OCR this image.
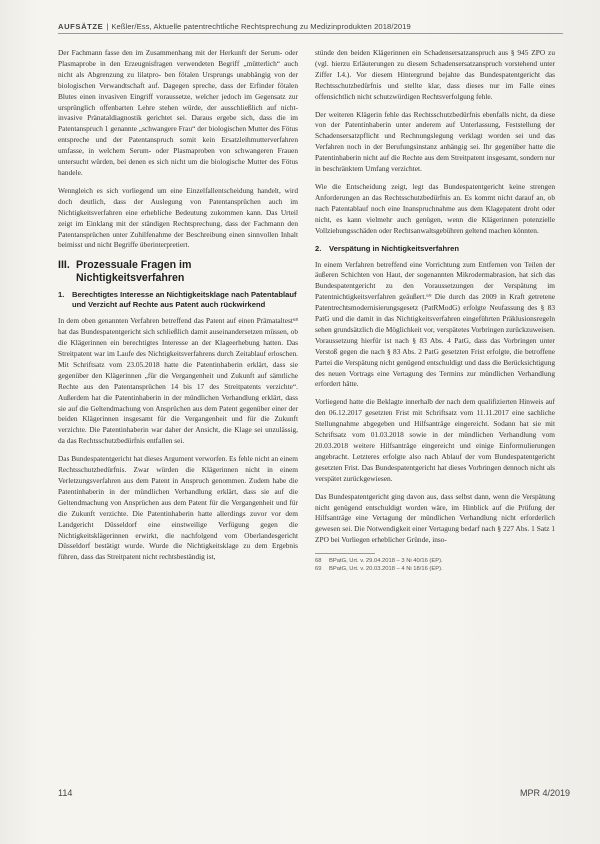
AUFSÄTZE | Keßler/Ess, Aktuelle patentrechtliche Rechtsprechung zu Medizinprodukten 2018/2019

Der Fachmann fasse den im Zusammenhang mit der Herkunft der Serum- oder Plasmaprobe in den Erzeugnisfragen verwendeten Begriff „mütterlich“ auch nicht als Abgrenzung zu lilatpro- ben fötalen Ursprungs unabhängig von der biologischen Verwandtschaft auf. Dagegen spreche, dass der Erfinder fötalen Blutes einen invasiven Eingriff voraussetze, welcher jedoch im Gegensatz zur ursprünglich offenbarten Lehre stehen würde, der ausschließlich auf nicht-invasive Pränataldiagnostik gerichtet sei. Daraus ergebe sich, dass die im Patentanspruch 1 genannte „schwangere Frau“ der biologischen Mutter des Fötus entspreche und der Patentanspruch somit kein Ersatzleihmutterverfahren umfasse, in welchem Serum- oder Plasmaproben von schwangeren Frauen untersucht würden, bei denen es sich nicht um die biologische Mutter des Fötus handele.

Wenngleich es sich vorliegend um eine Einzelfallentscheidung handelt, wird doch deutlich, dass der Auslegung von Patentansprüchen auch im Nichtigkeitsverfahren eine erhebliche Bedeutung zukommen kann. Das Urteil zeigt im Einklang mit der ständigen Rechtsprechung, dass der Fachmann den Patentansprüchen unter Zuhilfenahme der Beschreibung einen sinnvollen Inhalt beimisst und nicht Begriffe überinterpretiert.

III. Prozessuale Fragen im Nichtigkeitsverfahren
1.	Berechtigtes Interesse an Nichtigkeitsklage nach Patentablauf und Verzicht auf Rechte aus Patent auch rückwirkend

In dem oben genannten Verfahren betreffend das Patent auf einen Prämataltest⁶⁸ hat das Bundespatentgericht sich schließlich damit auseinandersetzen müssen, ob die Klägerinnen ein berechtigtes Interesse an der Klageerhebung hatten. Das Streitpatent war im Laufe des Nichtigkeitsverfahrens durch Zeitablauf erloschen. Mit Schriftsatz vom 23.05.2018 hatte die Patentinhaberin erklärt, dass sie gegenüber den Klägerinnen „für die Vergangenheit und Zukunft auf sämtliche Rechte aus den Patentansprüchen 14 bis 17 des Streitpatents verzichte“. Außerdem hat die Patentinhaberin in der mündlichen Verhandlung erklärt, dass sie auf die Geltendmachung von Ansprüchen aus dem Patent gegenüber einer der beiden Klägerinnen insgesamt für die Vergangenheit und für die Zukunft verzichte. Die Patentinhaberin war daher der Ansicht, die Klage sei unzulässig, da das Rechtsschutzbedürfnis entfallen sei.

Das Bundespatentgericht hat dieses Argument verworfen. Es fehle nicht an einem Rechtsschutzbedürfnis. Zwar würden die Klägerinnen nicht in einem Verletzungsverfahren aus dem Patent in Anspruch genommen. Zudem habe die Patentinhaberin in der mündlichen Verhandlung erklärt, dass sie auf die Geltendmachung von Ansprüchen aus dem Patent für die Vergangenheit und für die Zukunft verzichte. Die Patentinhaberin hatte allerdings zuvor vor dem Landgericht Düsseldorf eine einstweilige Verfügung gegen die Nichtigkeitsklägerinnen erwirkt, die nachfolgend vom Oberlandesgericht Düsseldorf bestätigt wurde. Wurde die Nichtigkeitsklage zu dem Ergebnis führen, dass das Streitpatent nicht rechtsbeständig ist,

stünde den beiden Klägerinnen ein Schadensersatzanspruch aus § 945 ZPO zu (vgl. hierzu Erläuterungen zu diesem Schadensersatzanspruch vorstehend unter Ziffer I.4.). Vor diesem Hintergrund bejahte das Bundespatentgericht das Rechtsschutzbedürfnis und stellte klar, dass dieses nur im Falle eines offensichtlich nicht schutzwürdigen Rechtsverfolgung fehle.

Der weiteren Klägerin fehle das Rechtsschutzbedürfnis ebenfalls nicht, da diese von der Patentinhaberin unter anderem auf Unterlassung, Feststellung der Schadensersatzpflicht und Rechnungslegung verklagt worden sei und das Verfahren noch in der Berufungsinstanz anhängig sei. Ihr gegenüber hatte die Patentinhaberin nicht auf die Rechte aus dem Streitpatent insgesamt, sondern nur in beschränktem Umfang verzichtet.

Wie die Entscheidung zeigt, legt das Bundespatentgericht keine strengen Anforderungen an das Rechtsschutzbedürfnis an. Es kommt nicht darauf an, ob nach Patentablauf noch eine Inanspruchnahme aus dem Klagepatent droht oder nicht, es kann vielmehr auch genügen, wenn die Klägerinnen potenzielle Vollziehungsschäden oder Rechtsanwaltsgebühren geltend machen könnten.

2.	Verspätung in Nichtigkeitsverfahren

In einem Verfahren betreffend eine Vorrichtung zum Entfernen von Teilen der äußeren Schichten von Haut, der sogenannten Mikrodermabrasion, hat sich das Bundespatentgericht zu den Voraussetzungen der Verspätung im Patentnichtigkeitsverfahren geäußert.⁶⁹ Die durch das 2009 in Kraft getretene Patentrechtsmodernisierungsgesetz (PatRModG) erfolgte Neufassung des § 83 PatG und die damit in das Nichtigkeitsverfahren eingeführten Präklusionsregeln sehen grundsätzlich die Möglichkeit vor, verspätetes Vorbringen zurückzuweisen. Voraussetzung hierfür ist nach § 83 Abs. 4 PatG, dass das Vorbringen unter Verstoß gegen die nach § 83 Abs. 2 PatG gesetzten Frist erfolgte, die betroffene Partei die Verspätung nicht genügend entschuldigt und dass die Berücksichtigung des neuen Vortrags eine Vertagung des Termins zur mündlichen Verhandlung erfordert hätte.

Vorliegend hatte die Beklagte innerhalb der nach dem qualifizierten Hinweis auf den 06.12.2017 gesetzten Frist mit Schriftsatz vom 11.11.2017 eine sachliche Stellungnahme abgegeben und Hilfsanträge eingereicht. Sodann hat sie mit Schriftsatz vom 01.03.2018 sowie in der mündlichen Verhandlung vom 20.03.2018 weitere Hilfsanträge eingereicht und einige Einformulierungen angebracht. Letzteres erfolgte also nach Ablauf der vom Bundespatentgericht gesetzten Frist. Das Bundespatentgericht hat dieses Vorbringen dennoch nicht als verspätet zurückgewiesen.

Das Bundespatentgericht ging davon aus, dass selbst dann, wenn die Verspätung nicht genügend entschuldigt worden wäre, im Hinblick auf die Prüfung der Hilfsanträge eine Vertagung der mündlichen Verhandlung nicht erforderlich gewesen sei. Die Notwendigkeit einer Vertagung bedarf nach § 227 Abs. 1 Satz 1 ZPO bei Vorliegen erheblicher Gründe, inso-

68	BPatG, Urt. v. 29.04.2018 – 3 Ni 40/16 (EP).
69	BPatG, Urt. v. 20.03.2018 – 4 Ni 18/16 (EP).
114	MPR 4/2019
